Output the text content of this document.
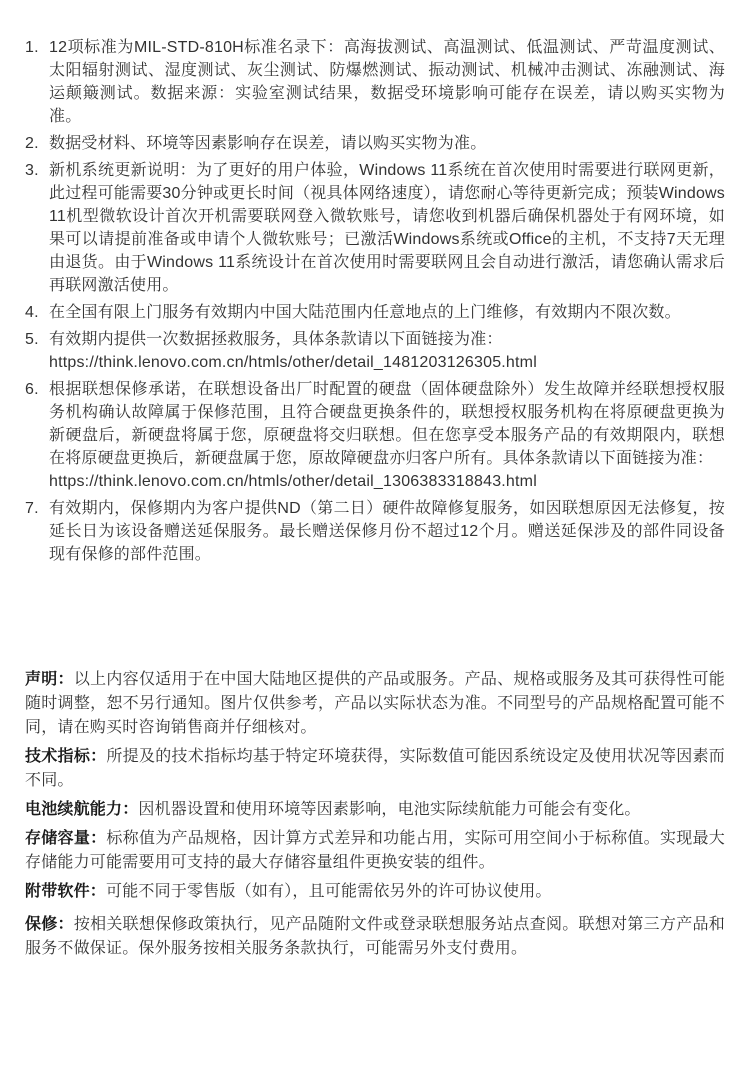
1. 12项标准为MIL-STD-810H标准名录下：高海拔测试、高温测试、低温测试、严苛温度测试、太阳辐射测试、湿度测试、灰尘测试、防爆燃测试、振动测试、机械冲击测试、冻融测试、海运颠簸测试。数据来源：实验室测试结果，数据受环境影响可能存在误差，请以购买实物为准。
2. 数据受材料、环境等因素影响存在误差，请以购买实物为准。
3. 新机系统更新说明：为了更好的用户体验，Windows 11系统在首次使用时需要进行联网更新，此过程可能需要30分钟或更长时间（视具体网络速度），请您耐心等待更新完成；预装Windows 11机型微软设计首次开机需要联网登入微软账号，请您收到机器后确保机器处于有网环境，如果可以请提前准备或申请个人微软账号；已激活Windows系统或Office的主机，不支持7天无理由退货。由于Windows 11系统设计在首次使用时需要联网且会自动进行激活，请您确认需求后 再联网激活使用。
4. 在全国有限上门服务有效期内中国大陆范围内任意地点的上门维修，有效期内不限次数。
5. 有效期内提供一次数据拯救服务，具体条款请以下面链接为准：
https://think.lenovo.com.cn/htmls/other/detail_1481203126305.html
6. 根据联想保修承诺，在联想设备出厂时配置的硬盘（固体硬盘除外）发生故障并经联想授权服务机构确认故障属于保修范围，且符合硬盘更换条件的，联想授权服务机构在将原硬盘更换为新硬盘后，新硬盘将属于您，原硬盘将交归联想。但在您享受本服务产品的有效期限内，联想在将原硬盘更换后，新硬盘属于您，原故障硬盘亦归客户所有。具体条款请以下面链接为准：
https://think.lenovo.com.cn/htmls/other/detail_1306383318843.html
7. 有效期内，保修期内为客户提供ND（第二日）硬件故障修复服务，如因联想原因无法修复，按延长日为该设备赠送延保服务。最长赠送保修月份不超过12个月。赠送延保涉及的部件同设备现有保修的部件范围。

声明：以上内容仅适用于在中国大陆地区提供的产品或服务。产品、规格或服务及其可获得性可能随时调整，恕不另行通知。图片仅供参考，产品以实际状态为准。不同型号的产品规格配置可能不同，请在购买时咨询销售商并仔细核对。

技术指标：所提及的技术指标均基于特定环境获得，实际数值可能因系统设定及使用状况等因素而不同。

电池续航能力：因机器设置和使用环境等因素影响，电池实际续航能力可能会有变化。

存储容量：标称值为产品规格，因计算方式差异和功能占用，实际可用空间小于标称值。实现最大存储能力可能需要用可支持的最大存储容量组件更换安装的组件。

附带软件：可能不同于零售版（如有），且可能需依另外的许可协议使用。

保修：按相关联想保修政策执行，见产品随附文件或登录联想服务站点查阅。联想对第三方产品和服务不做保证。保外服务按相关服务条款执行，可能需另外支付费用。
